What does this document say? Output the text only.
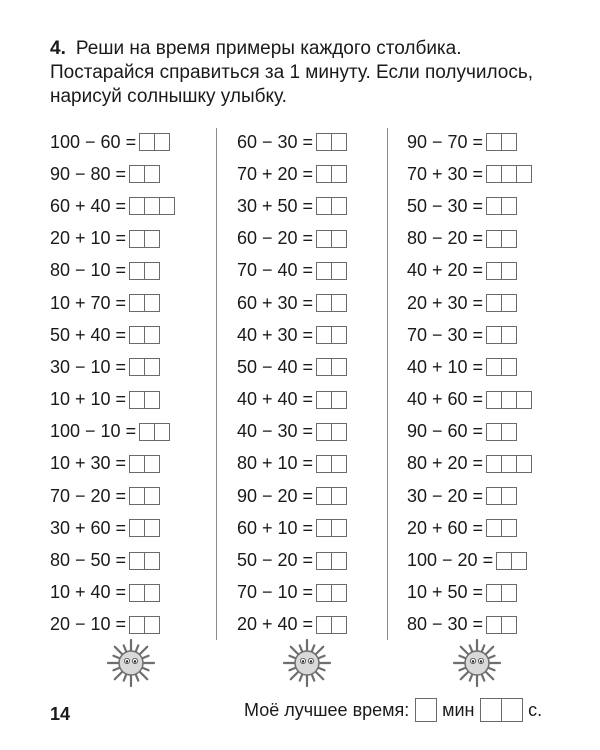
4. Реши на время примеры каждого столбика. Постарайся справиться за 1 минуту. Если получилось, нарисуй солнышку улыбку.
100 − 60 =
90 − 80 =
60 + 40 =
20 + 10 =
80 − 10 =
10 + 70 =
50 + 40 =
30 − 10 =
10 + 10 =
100 − 10 =
10 + 30 =
70 − 20 =
30 + 60 =
80 − 50 =
10 + 40 =
20 − 10 =
60 − 30 =
70 + 20 =
30 + 50 =
60 − 20 =
70 − 40 =
60 + 30 =
40 + 30 =
50 − 40 =
40 + 40 =
40 − 30 =
80 + 10 =
90 − 20 =
60 + 10 =
50 − 20 =
70 − 10 =
20 + 40 =
90 − 70 =
70 + 30 =
50 − 30 =
80 − 20 =
40 + 20 =
20 + 30 =
70 − 30 =
40 + 10 =
40 + 60 =
90 − 60 =
80 + 20 =
30 − 20 =
20 + 60 =
100 − 20 =
10 + 50 =
80 − 30 =
14	Моё лучшее время: мин	с.
